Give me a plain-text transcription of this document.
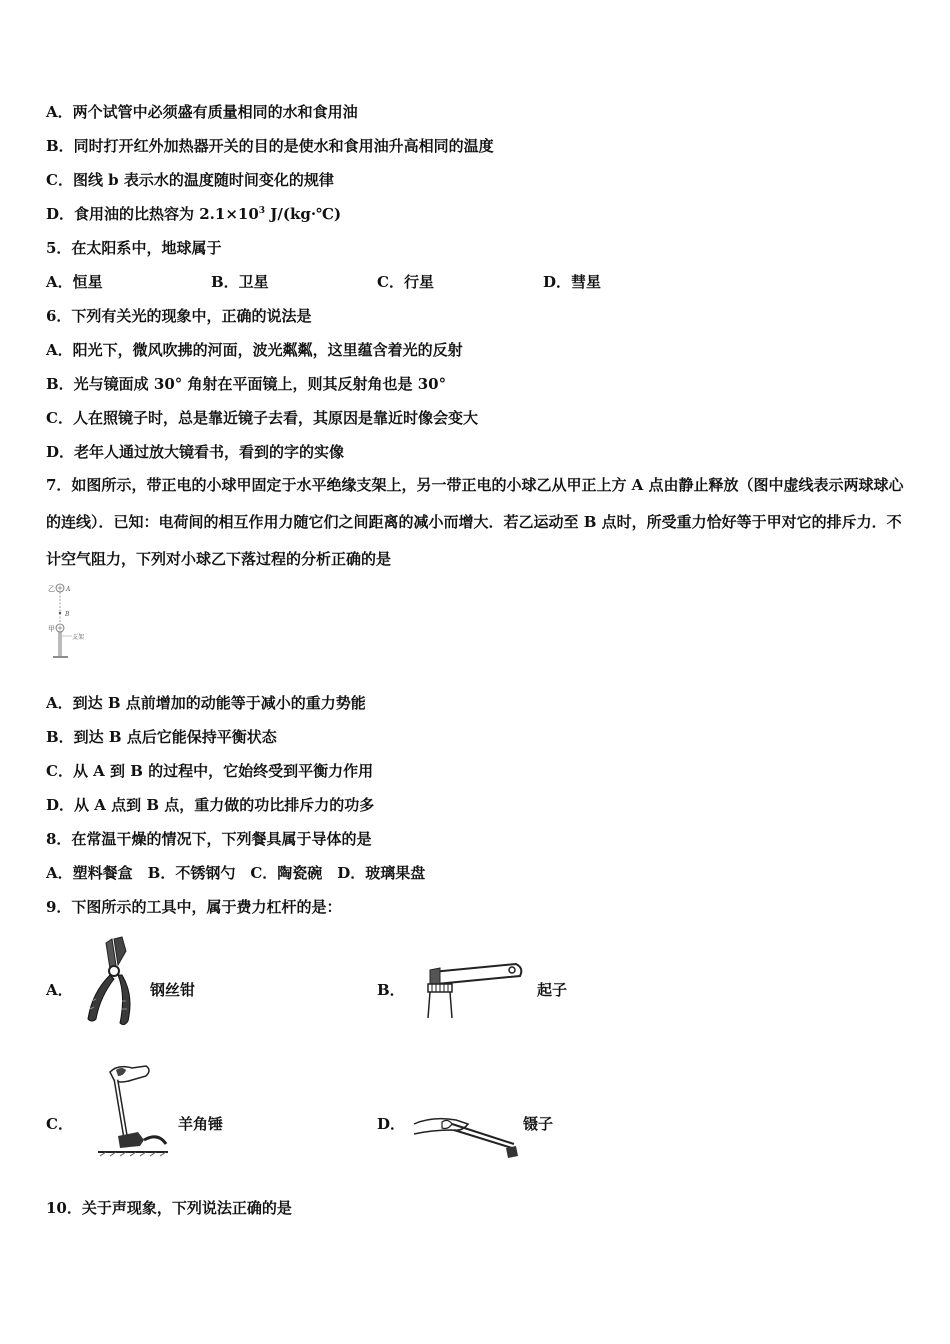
A．两个试管中必须盛有质量相同的水和食用油
B．同时打开红外加热器开关的目的是使水和食用油升高相同的温度
C．图线 b 表示水的温度随时间变化的规律
D．食用油的比热容为 $2.1\times 10^3$ J/(kg·℃)
5．在太阳系中，地球属于
A．恒星	B．卫星	C．行星	D．彗星
6．下列有关光的现象中，正确的说法是
A．阳光下，微风吹拂的河面，波光粼粼，这里蕴含着光的反射
B．光与镜面成 30° 角射在平面镜上，则其反射角也是 30°
C．人在照镜子时，总是靠近镜子去看，其原因是靠近时像会变大
D．老年人通过放大镜看书，看到的字的实像
7．如图所示，带正电的小球甲固定于水平绝缘支架上，另一带正电的小球乙从甲正上方 A 点由静止释放（图中虚线表示两球球心的连线）．已知：电荷间的相互作用力随它们之间距离的减小而增大．若乙运动至 B 点时，所受重力恰好等于甲对它的排斥力．不计空气阻力，下列对小球乙下落过程的分析正确的是
乙 A
B
甲
支架
A．到达 B 点前增加的动能等于减小的重力势能
B．到达 B 点后它能保持平衡状态
C．从 A 到 B 的过程中，它始终受到平衡力作用
D．从 A 点到 B 点，重力做的功比排斥力的功多
8．在常温干燥的情况下，下列餐具属于导体的是
A．塑料餐盒　B．不锈钢勺　C．陶瓷碗　D．玻璃果盘
9．下图所示的工具中，属于费力杠杆的是：
A．	钢丝钳	B．	起子
C．	羊角锤	D．	镊子
10．关于声现象，下列说法正确的是
